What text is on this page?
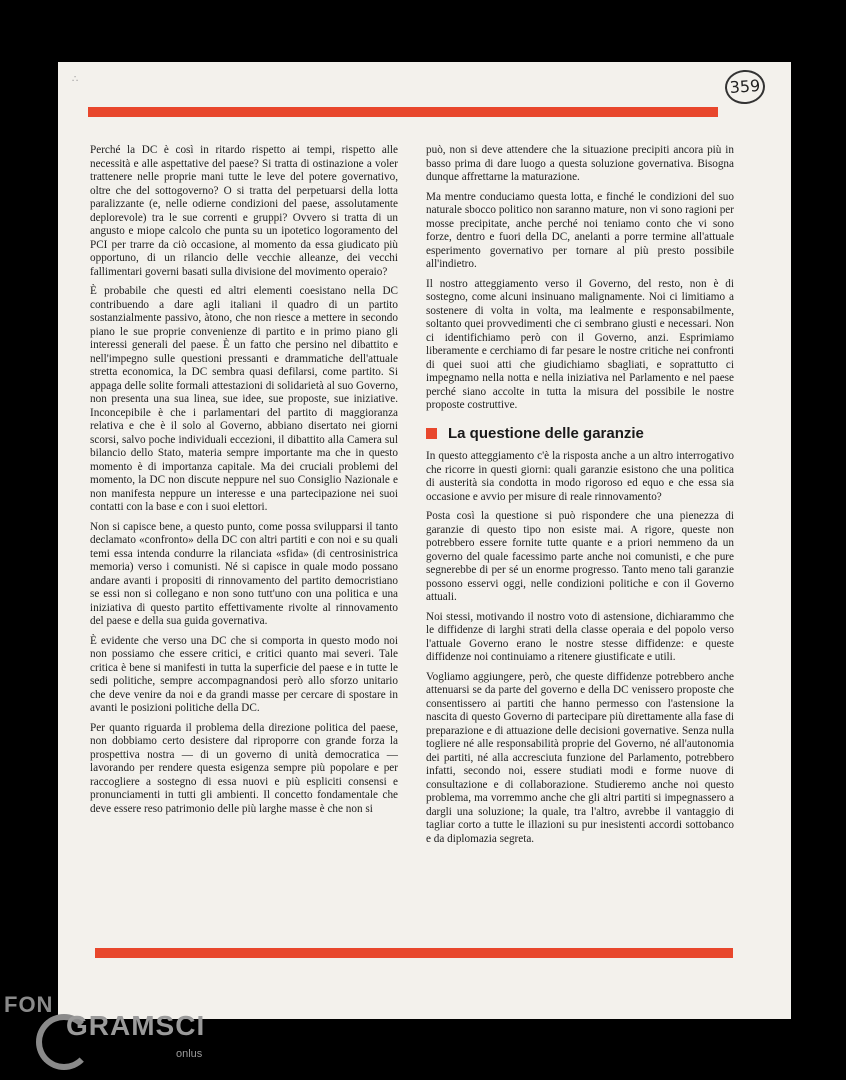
∴	359

Perché la DC è così in ritardo rispetto ai tempi, rispetto alle necessità e alle aspettative del paese? Si tratta di ostinazione a voler trattenere nelle proprie mani tutte le leve del potere governativo, oltre che del sottogoverno? O si tratta del perpetuarsi della lotta paralizzante (e, nelle odierne condizioni del paese, assolutamente deplorevole) tra le sue correnti e gruppi? Ovvero si tratta di un angusto e miope calcolo che punta su un ipotetico logoramento del PCI per trarre da ciò occasione, al momento da essa giudicato più opportuno, di un rilancio delle vecchie alleanze, dei vecchi fallimentari governi basati sulla divisione del movimento operaio?

È probabile che questi ed altri elementi coesistano nella DC contribuendo a dare agli italiani il quadro di un partito sostanzialmente passivo, àtono, che non riesce a mettere in secondo piano le sue proprie convenienze di partito e in primo piano gli interessi generali del paese. È un fatto che persino nel dibattito e nell'impegno sulle questioni pressanti e drammatiche dell'attuale stretta economica, la DC sembra quasi defilarsi, come partito. Si appaga delle solite formali attestazioni di solidarietà al suo Governo, non presenta una sua linea, sue idee, sue proposte, sue iniziative. Inconcepibile è che i parlamentari del partito di maggioranza relativa e che è il solo al Governo, abbiano disertato nei giorni scorsi, salvo poche individuali eccezioni, il dibattito alla Camera sul bilancio dello Stato, materia sempre importante ma che in questo momento è di importanza capitale. Ma dei cruciali problemi del momento, la DC non discute neppure nel suo Consiglio Nazionale e non manifesta neppure un interesse e una partecipazione nei suoi contatti con la base e con i suoi elettori.

Non si capisce bene, a questo punto, come possa svilupparsi il tanto declamato «confronto» della DC con altri partiti e con noi e su quali temi essa intenda condurre la rilanciata «sfida» (di centrosinistrica memoria) verso i comunisti. Né si capisce in quale modo possano andare avanti i propositi di rinnovamento del partito democristiano se essi non si collegano e non sono tutt'uno con una politica e una iniziativa di questo partito effettivamente rivolte al rinnovamento del paese e della sua guida governativa.

È evidente che verso una DC che si comporta in questo modo noi non possiamo che essere critici, e critici quanto mai severi. Tale critica è bene si manifesti in tutta la superficie del paese e in tutte le sedi politiche, sempre accompagnandosi però allo sforzo unitario che deve venire da noi e da grandi masse per cercare di spostare in avanti le posizioni politiche della DC.

Per quanto riguarda il problema della direzione politica del paese, non dobbiamo certo desistere dal riproporre con grande forza la prospettiva nostra — di un governo di unità democratica — lavorando per rendere questa esigenza sempre più popolare e per raccogliere a sostegno di essa nuovi e più espliciti consensi e pronunciamenti in tutti gli ambienti. Il concetto fondamentale che deve essere reso patrimonio delle più larghe masse è che non si

può, non si deve attendere che la situazione precipiti ancora più in basso prima di dare luogo a questa soluzione governativa. Bisogna dunque affrettarne la maturazione.

Ma mentre conduciamo questa lotta, e finché le condizioni del suo naturale sbocco politico non saranno mature, non vi sono ragioni per mosse precipitate, anche perché noi teniamo conto che vi sono forze, dentro e fuori della DC, anelanti a porre termine all'attuale esperimento governativo per tornare al più presto possibile all'indietro.

Il nostro atteggiamento verso il Governo, del resto, non è di sostegno, come alcuni insinuano malignamente. Noi ci limitiamo a sostenere di volta in volta, ma lealmente e responsabilmente, soltanto quei provvedimenti che ci sembrano giusti e necessari. Non ci identifichiamo però con il Governo, anzi. Esprimiamo liberamente e cerchiamo di far pesare le nostre critiche nei confronti di quei suoi atti che giudichiamo sbagliati, e soprattutto ci impegnamo nella notta e nella iniziativa nel Parlamento e nel paese perché siano accolte in tutta la misura del possibile le nostre proposte costruttive.

La questione delle garanzie

In questo atteggiamento c'è la risposta anche a un altro interrogativo che ricorre in questi giorni: quali garanzie esistono che una politica di austerità sia condotta in modo rigoroso ed equo e che essa sia occasione e avvio per misure di reale rinnovamento?

Posta così la questione si può rispondere che una pienezza di garanzie di questo tipo non esiste mai. A rigore, queste non potrebbero essere fornite tutte quante e a priori nemmeno da un governo del quale facessimo parte anche noi comunisti, e che pure segnerebbe di per sé un enorme progresso. Tanto meno tali garanzie possono esservi oggi, nelle condizioni politiche e con il Governo attuali.

Noi stessi, motivando il nostro voto di astensione, dichiarammo che le diffidenze di larghi strati della classe operaia e del popolo verso l'attuale Governo erano le nostre stesse diffidenze: e queste diffidenze noi continuiamo a ritenere giustificate e utili.

Vogliamo aggiungere, però, che queste diffidenze potrebbero anche attenuarsi se da parte del governo e della DC venissero proposte che consentissero ai partiti che hanno permesso con l'astensione la nascita di questo Governo di partecipare più direttamente alla fase di preparazione e di attuazione delle decisioni governative. Senza nulla togliere né alle responsabilità proprie del Governo, né all'autonomia dei partiti, né alla accresciuta funzione del Parlamento, potrebbero infatti, secondo noi, essere studiati modi e forme nuove di consultazione e di collaborazione. Studieremo anche noi questo problema, ma vorremmo anche che gli altri partiti si impegnassero a dargli una soluzione; la quale, tra l'altro, avrebbe il vantaggio di tagliar corto a tutte le illazioni su pur inesistenti accordi sottobanco e da diplomazia segreta.

FON
GRAMSCI
onlus
